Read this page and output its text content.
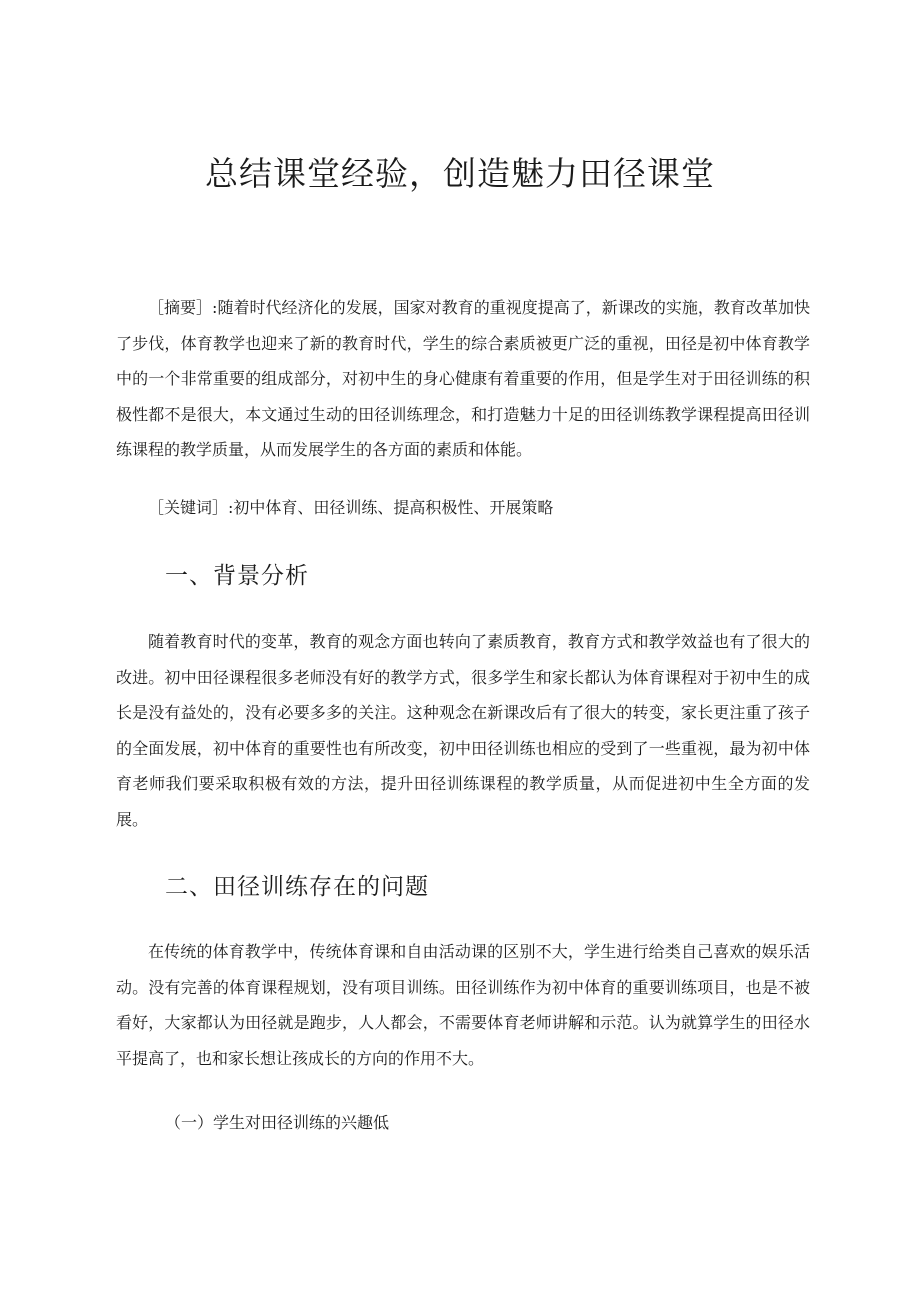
总结课堂经验，创造魅力田径课堂

［摘要］:随着时代经济化的发展，国家对教育的重视度提高了，新课改的实施，教育改革加快了步伐，体育教学也迎来了新的教育时代，学生的综合素质被更广泛的重视，田径是初中体育教学中的一个非常重要的组成部分，对初中生的身心健康有着重要的作用，但是学生对于田径训练的积极性都不是很大，本文通过生动的田径训练理念，和打造魅力十足的田径训练教学课程提高田径训练课程的教学质量，从而发展学生的各方面的素质和体能。

［关键词］:初中体育、田径训练、提高积极性、开展策略

一、背景分析

随着教育时代的变革，教育的观念方面也转向了素质教育，教育方式和教学效益也有了很大的改进。初中田径课程很多老师没有好的教学方式，很多学生和家长都认为体育课程对于初中生的成长是没有益处的，没有必要多多的关注。这种观念在新课改后有了很大的转变，家长更注重了孩子的全面发展，初中体育的重要性也有所改变，初中田径训练也相应的受到了一些重视，最为初中体育老师我们要采取积极有效的方法，提升田径训练课程的教学质量，从而促进初中生全方面的发展。

二、田径训练存在的问题

在传统的体育教学中，传统体育课和自由活动课的区别不大，学生进行给类自己喜欢的娱乐活动。没有完善的体育课程规划，没有项目训练。田径训练作为初中体育的重要训练项目，也是不被看好，大家都认为田径就是跑步，人人都会，不需要体育老师讲解和示范。认为就算学生的田径水平提高了，也和家长想让孩成长的方向的作用不大。

（一）学生对田径训练的兴趣低
